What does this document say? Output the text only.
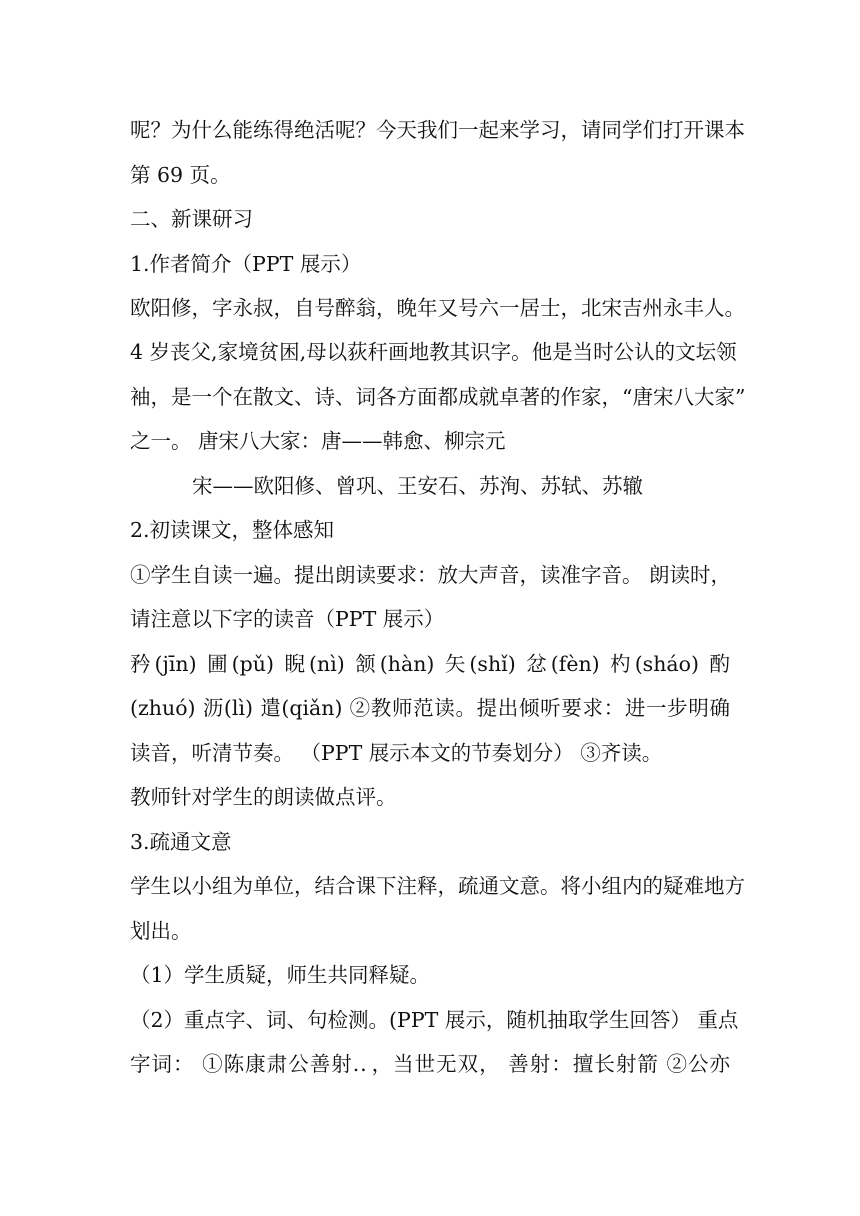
呢？为什么能练得绝活呢？今天我们一起来学习，请同学们打开课本
第 69 页。
二、新课研习
1.作者简介（PPT 展示）
欧阳修，字永叔，自号醉翁，晚年又号六一居士，北宋吉州永丰人。
4 岁丧父,家境贫困,母以荻秆画地教其识字。他是当时公认的文坛领
袖，是一个在散文、诗、词各方面都成就卓著的作家，“唐宋八大家”
之一。 唐宋八大家：唐——韩愈、柳宗元
宋——欧阳修、曾巩、王安石、苏洵、苏轼、苏辙
2.初读课文，整体感知
①学生自读一遍。提出朗读要求：放大声音，读准字音。 朗读时，
请注意以下字的读音（PPT 展示）
矜(jīn) 圃(pǔ) 睨(nì) 颔(hàn) 矢(shǐ) 忿(fèn) 杓(sháo) 酌
(zhuó) 沥(lì) 遣(qiǎn) ②教师范读。提出倾听要求：进一步明确
读音，听清节奏。 （PPT 展示本文的节奏划分） ③齐读。
教师针对学生的朗读做点评。
3.疏通文意
学生以小组为单位，结合课下注释，疏通文意。将小组内的疑难地方
划出。
（1）学生质疑，师生共同释疑。
（2）重点字、词、句检测。(PPT 展示，随机抽取学生回答） 重点
字词： ①陈康肃公善射.．，当世无双， 善射：擅长射箭 ②公亦
